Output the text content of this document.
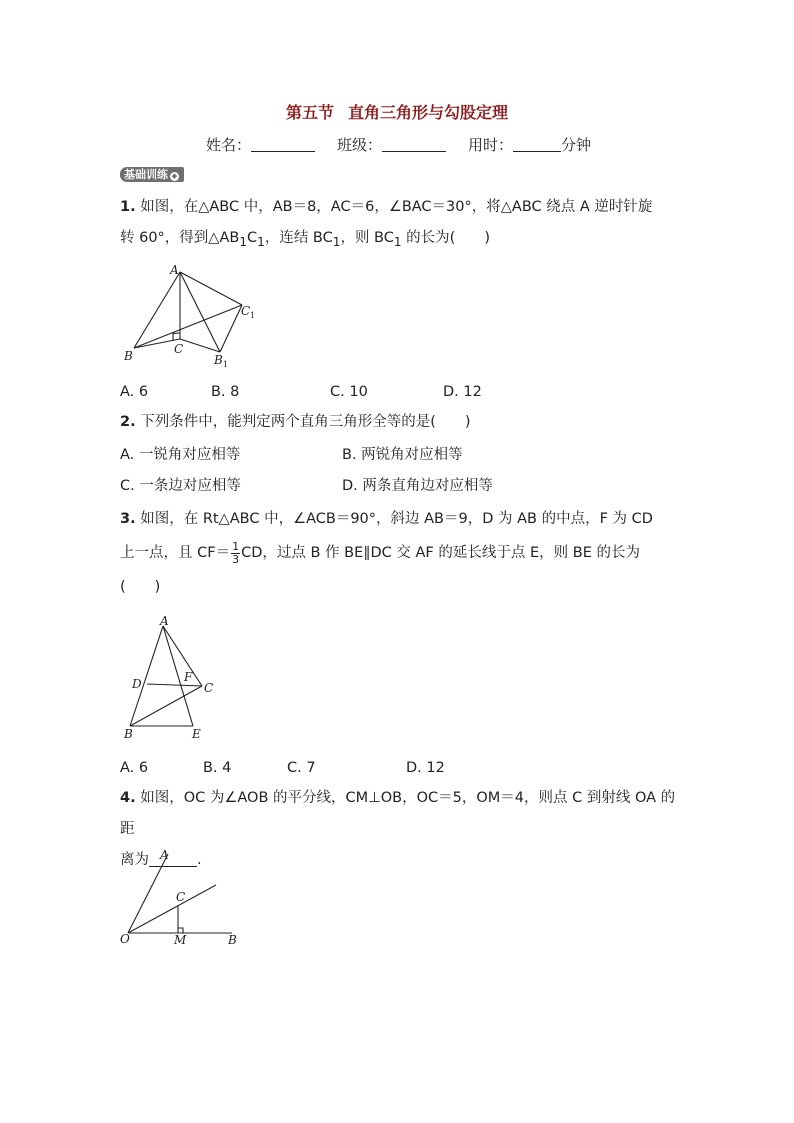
第五节 直角三角形与勾股定理
姓名：	班级：	用时：	分钟
基础训练 ◆
1. 如图，在△ABC 中，AB＝8，AC＝6，∠BAC＝30°，将△ABC 绕点 A 逆时针旋
转 60°，得到$\triangle AB_1C_1$，连结 $BC_1$，则 $BC_1$ 的长为(　　)
A
B	C
B 1
C 1
A. 6	B. 8	C. 10	D. 12
2. 下列条件中，能判定两个直角三角形全等的是(　　)
A. 一锐角对应相等	B. 两锐角对应相等
C. 一条边对应相等	D. 两条直角边对应相等
3. 如图，在 Rt△ABC 中，∠ACB＝90°，斜边 AB＝9，D 为 AB 的中点，F 为 CD
上一点，且 $CF= \frac{1}{3}$ CD，过点 B 作 BE∥DC 交 AF 的延长线于点 E，则 BE 的长为
(　　)
A
D	F
C
B	E
A. 6	B. 4	C. 7	D. 12
4. 如图，OC 为∠AOB 的平分线，CM⊥OB，OC＝5，OM＝4，则点 C 到射线 OA 的距
离为	.
A
C
O	M	B
